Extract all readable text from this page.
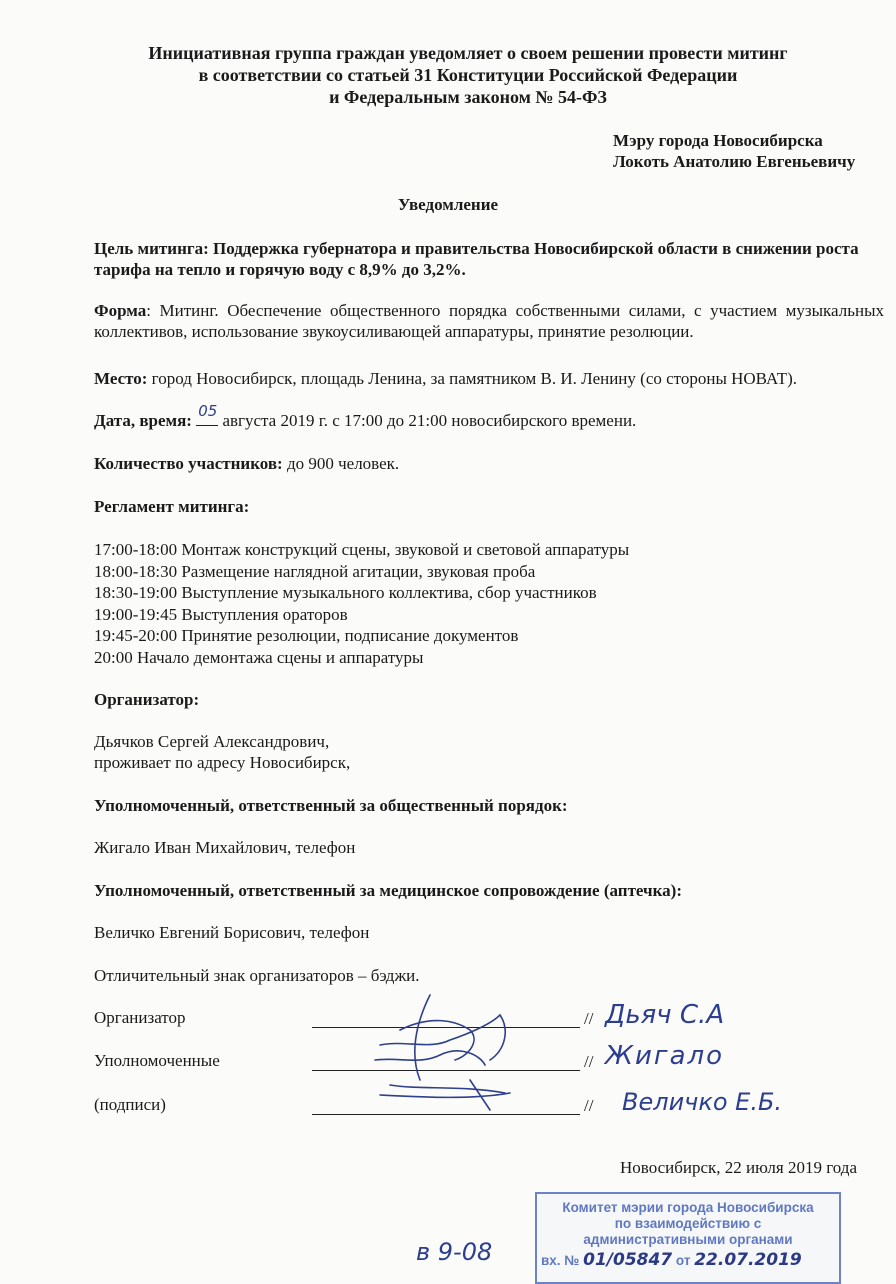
Инициативная группа граждан уведомляет о своем решении провести митинг
в соответствии со статьей 31 Конституции Российской Федерации
и Федеральным законом № 54-ФЗ
Мэру города Новосибирска
Локоть Анатолию Евгеньевичу
Уведомление
Цель митинга: Поддержка губернатора и правительства Новосибирской области в снижении роста тарифа на тепло и горячую воду с 8,9% до 3,2%.
Форма: Митинг. Обеспечение общественного порядка собственными силами, с участием музыкальных коллективов, использование звукоусиливающей аппаратуры, принятие резолюции.
Место: город Новосибирск, площадь Ленина, за памятником В. И. Ленину (со стороны НОВАТ).
Дата, время: 05 августа 2019 г. с 17:00 до 21:00 новосибирского времени.
Количество участников: до 900 человек.
Регламент митинга:
17:00-18:00 Монтаж конструкций сцены, звуковой и световой аппаратуры
18:00-18:30 Размещение наглядной агитации, звуковая проба
18:30-19:00 Выступление музыкального коллектива, сбор участников
19:00-19:45 Выступления ораторов
19:45-20:00 Принятие резолюции, подписание документов
20:00 Начало демонтажа сцены и аппаратуры
Организатор:
Дьячков Сергей Александрович,
проживает по адресу Новосибирск,
Уполномоченный, ответственный за общественный порядок:
Жигало Иван Михайлович, телефон
Уполномоченный, ответственный за медицинское сопровождение (аптечка):
Величко Евгений Борисович, телефон
Отличительный знак организаторов – бэджи.
Организатор	// Дьяч С.А
Уполномоченные	// Жигало
(подписи)	// Величко Е.Б.
Новосибирск, 22 июля 2019 года
Комитет мэрии города Новосибирска
по взаимодействию с
административными органами
вх. № 01/05847 от 22.07.2019
в 9-08
